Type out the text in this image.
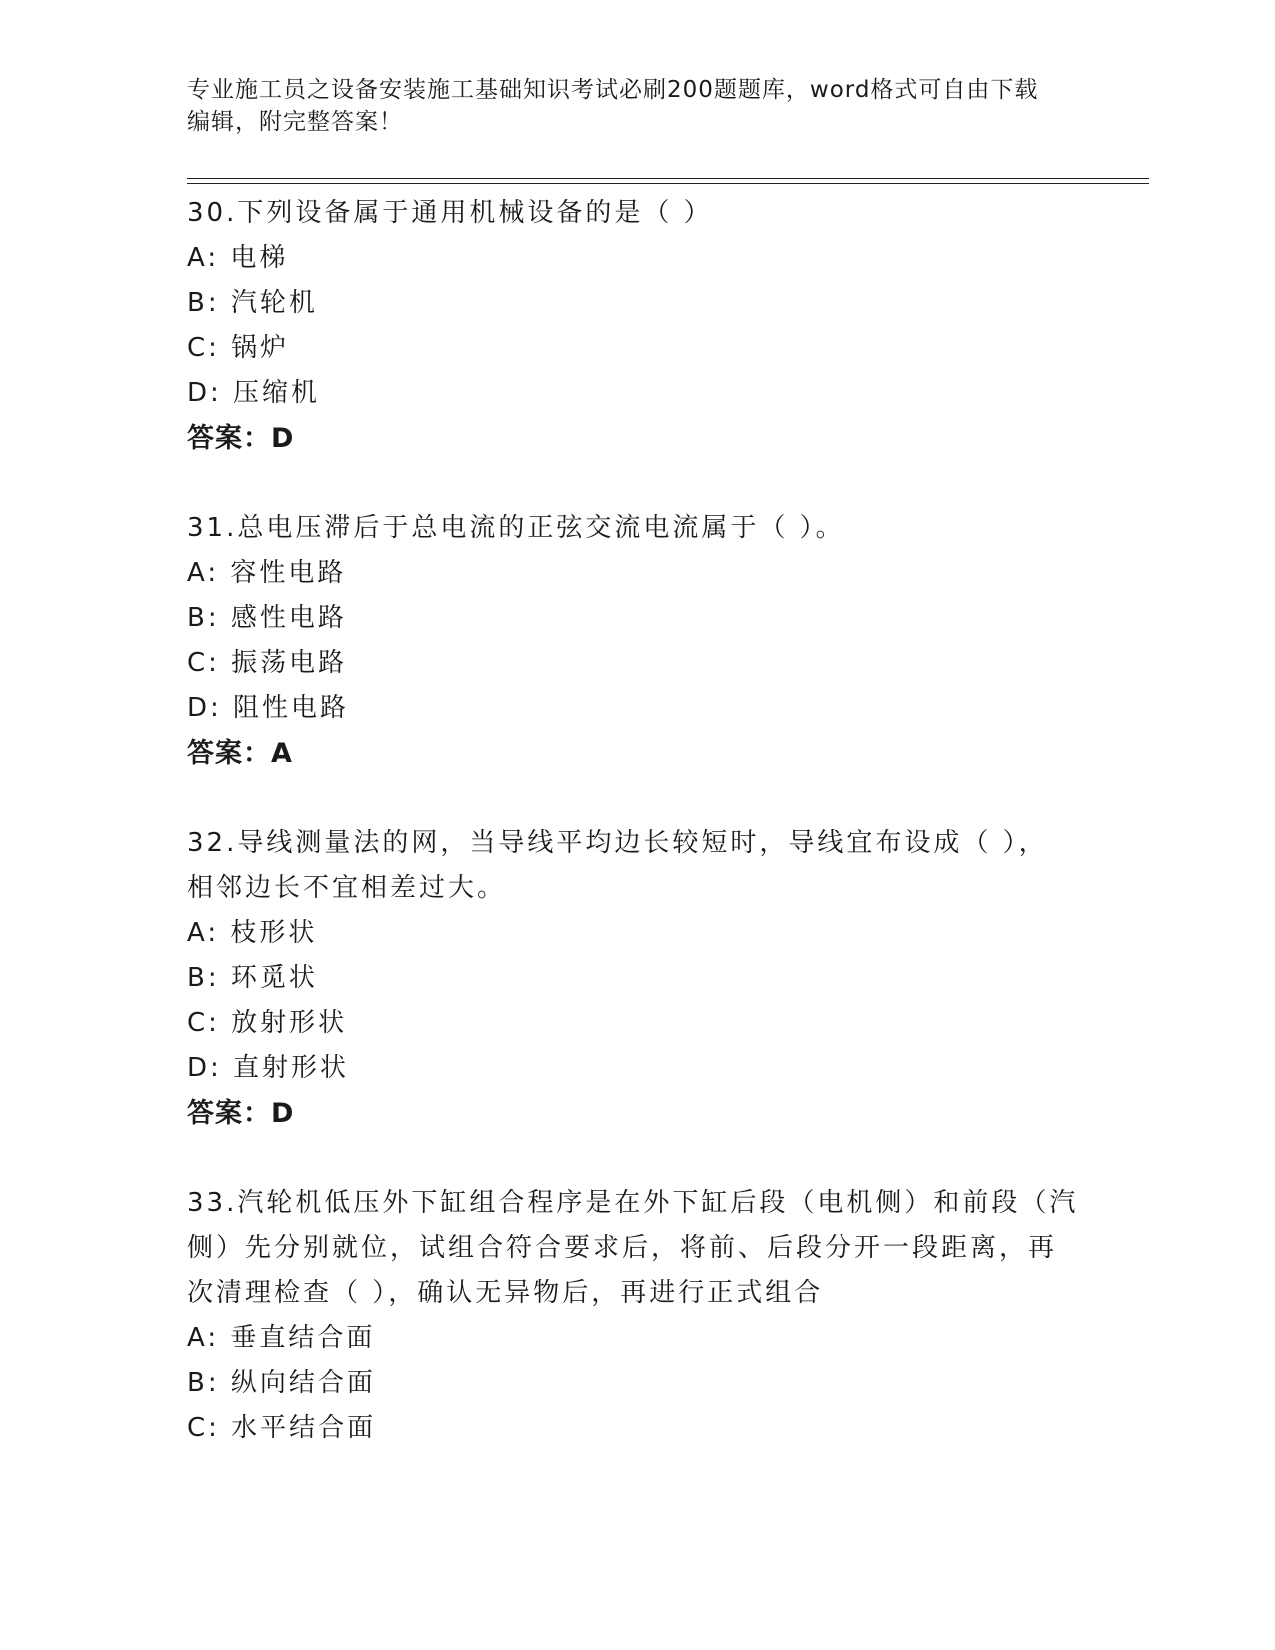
专业施工员之设备安装施工基础知识考试必刷200题题库，word格式可自由下载
编辑，附完整答案！
30.下列设备属于通用机械设备的是（ ）
A: 电梯
B: 汽轮机
C: 锅炉
D: 压缩机
答案：D
31.总电压滞后于总电流的正弦交流电流属于（ ）。
A: 容性电路
B: 感性电路
C: 振荡电路
D: 阻性电路
答案：A
32.导线测量法的网，当导线平均边长较短时，导线宜布设成（ ），
相邻边长不宜相差过大。
A: 枝形状
B: 环觅状
C: 放射形状
D: 直射形状
答案：D
33.汽轮机低压外下缸组合程序是在外下缸后段（电机侧）和前段（汽
侧）先分别就位，试组合符合要求后，将前、后段分开一段距离，再
次清理检查（ ），确认无异物后，再进行正式组合
A: 垂直结合面
B: 纵向结合面
C: 水平结合面
